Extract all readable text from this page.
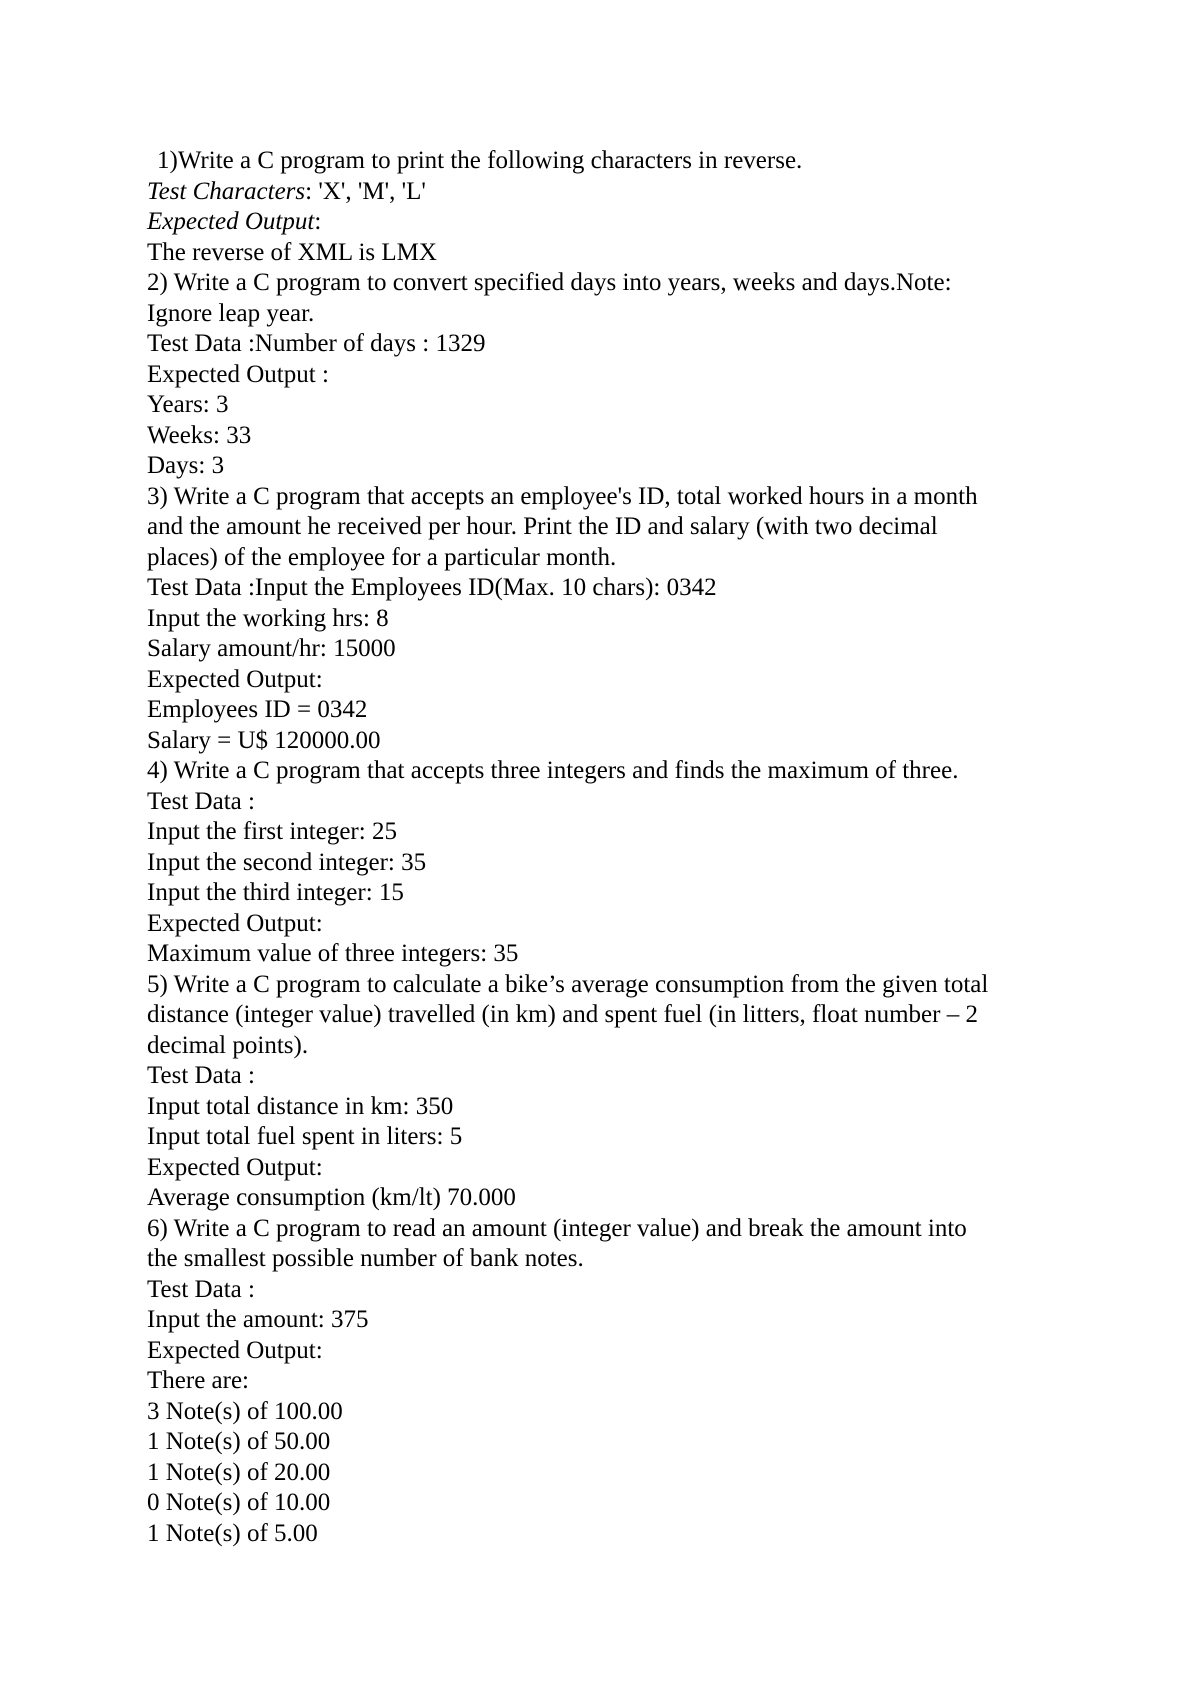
1)Write a C program to print the following characters in reverse.
Test Characters: 'X', 'M', 'L'
Expected Output:
The reverse of XML is LMX
2) Write a C program to convert specified days into years, weeks and days.Note:
Ignore leap year.
Test Data :Number of days : 1329
Expected Output :
Years: 3
Weeks: 33
Days: 3
3) Write a C program that accepts an employee's ID, total worked hours in a month
and the amount he received per hour. Print the ID and salary (with two decimal
places) of the employee for a particular month.
Test Data :Input the Employees ID(Max. 10 chars): 0342
Input the working hrs: 8
Salary amount/hr: 15000
Expected Output:
Employees ID = 0342
Salary = U$ 120000.00
4) Write a C program that accepts three integers and finds the maximum of three.
Test Data :
Input the first integer: 25
Input the second integer: 35
Input the third integer: 15
Expected Output:
Maximum value of three integers: 35
5) Write a C program to calculate a bike’s average consumption from the given total
distance (integer value) travelled (in km) and spent fuel (in litters, float number – 2
decimal points).
Test Data :
Input total distance in km: 350
Input total fuel spent in liters: 5
Expected Output:
Average consumption (km/lt) 70.000
6) Write a C program to read an amount (integer value) and break the amount into
the smallest possible number of bank notes.
Test Data :
Input the amount: 375
Expected Output:
There are:
3 Note(s) of 100.00
1 Note(s) of 50.00
1 Note(s) of 20.00
0 Note(s) of 10.00
1 Note(s) of 5.00
